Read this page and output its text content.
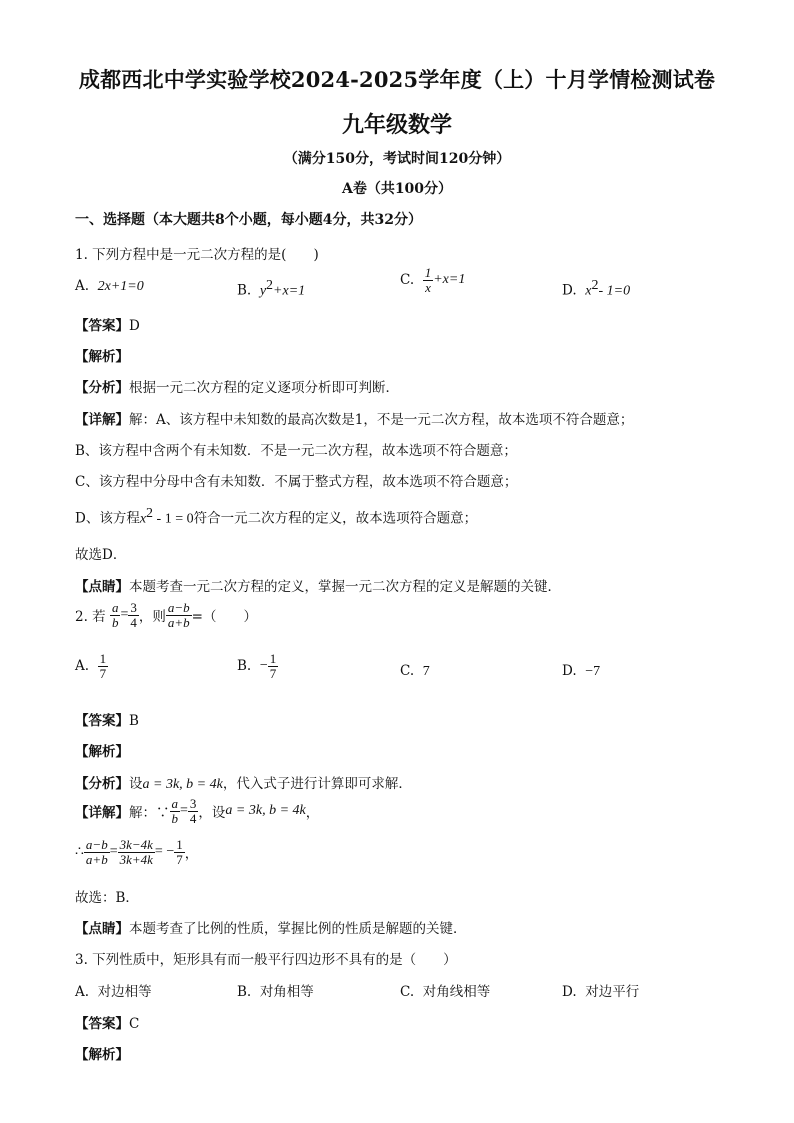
成都西北中学实验学校2024-2025学年度（上）十月学情检测试卷
九年级数学
（满分150分，考试时间120分钟）
A卷（共100分）
一、选择题（本大题共8个小题，每小题4分，共32分）
1. 下列方程中是一元二次方程的是(　　)
A. 2x+1=0	B. $y^2+x=1$
C. $\frac{1}{x} +x=1$
D. $x^2-$ 1=0
【答案】D
【解析】
【分析】根据一元二次方程的定义逐项分析即可判断．
【详解】解：A、该方程中未知数的最高次数是1，不是一元二次方程，故本选项不符合题意；
B、该方程中含两个有未知数．不是一元二次方程，故本选项不符合题意；
C、该方程中分母中含有未知数．不属于整式方程，故本选项不符合题意；
D、该方程$x^2 - 1 = 0$符合一元二次方程的定义，故本选项符合题意；
故选D．
【点睛】本题考查一元二次方程的定义，掌握一元二次方程的定义是解题的关键．
2. 若 $\frac{a}{b} = \frac{3}{4}$ ，则 $\frac{a-b}{a+b}$ =（　　）
A. $\frac{1}{7}$	B. − $\frac{1}{7}$	C. 7	D. −7
【答案】B
【解析】
【分析】设a = 3k, b = 4k，代入式子进行计算即可求解．
【详解】解：∵ $\frac{a}{b} = \frac{3}{4}$ ，设a = 3k, b = 4k，
∴ $\frac{a-b}{a+b} = \frac{3k-4k}{3k+4k}$ = − $\frac{1}{7}$ ，
故选：B．
【点睛】本题考查了比例的性质，掌握比例的性质是解题的关键．
3. 下列性质中，矩形具有而一般平行四边形不具有的是（　　）
A. 对边相等	B. 对角相等	C. 对角线相等	D. 对边平行
【答案】C
【解析】
